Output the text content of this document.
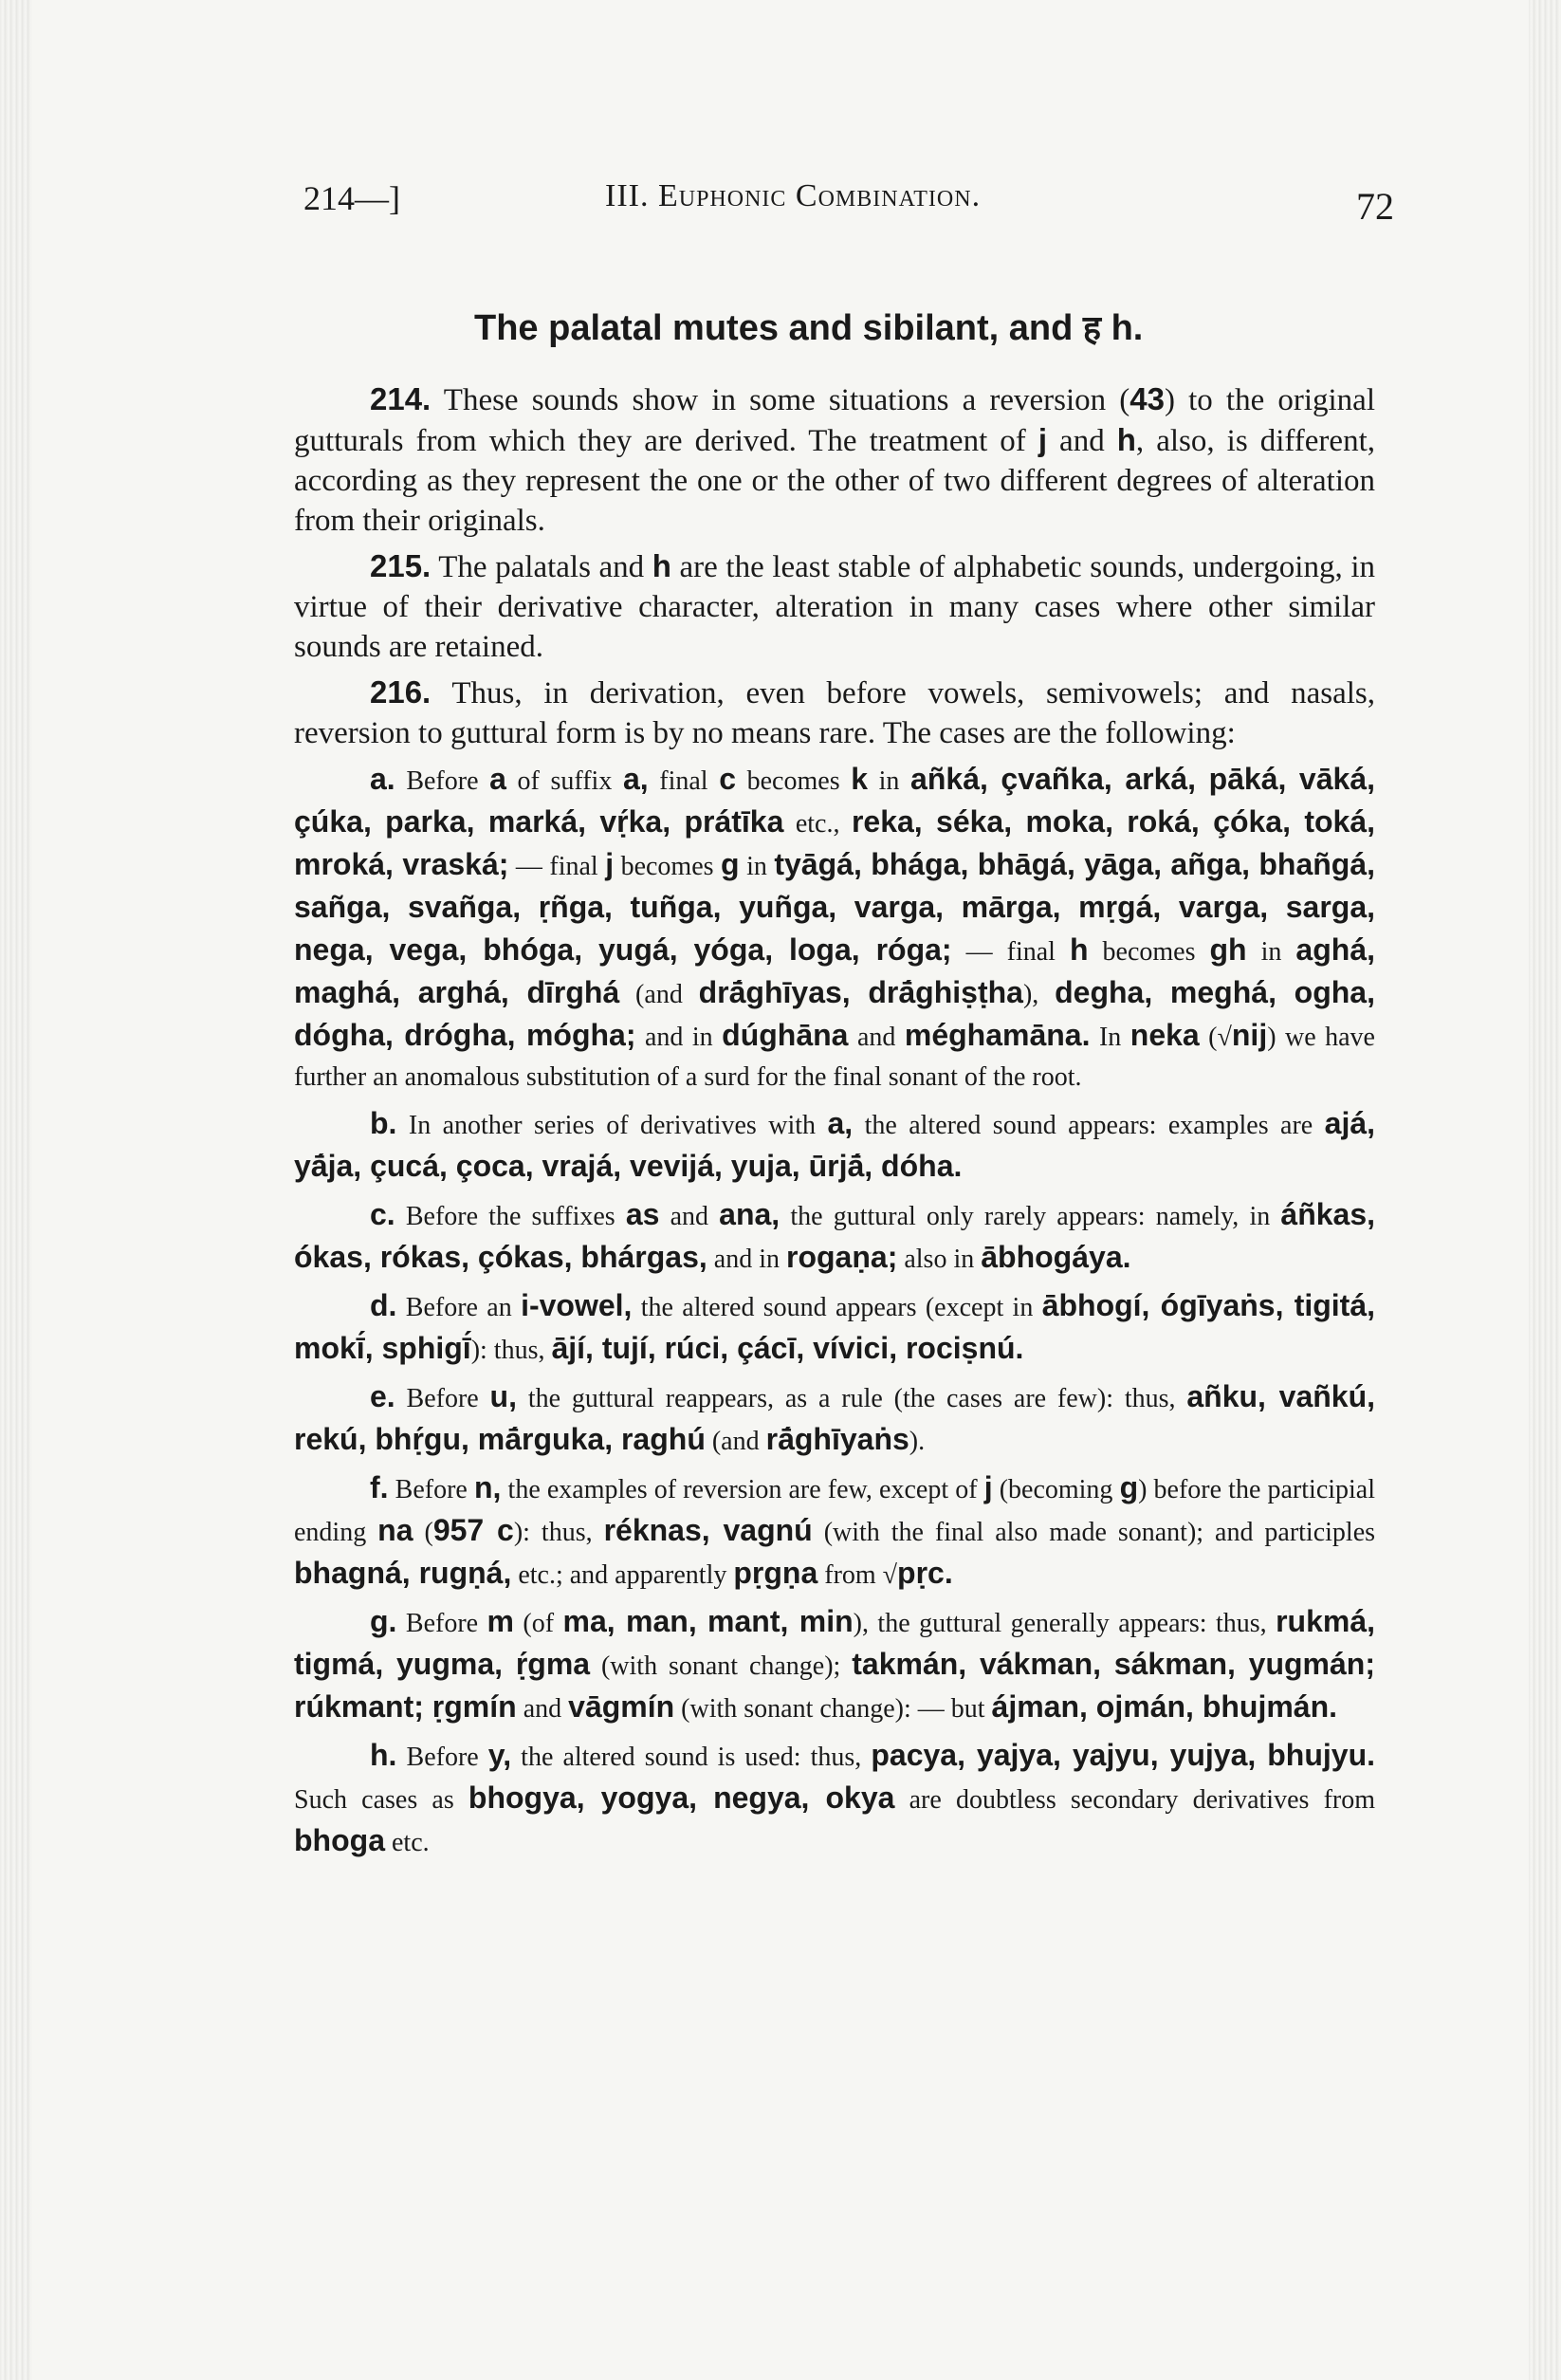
214—]	III. Euphonic Combination.	72
The palatal mutes and sibilant, and ह h.

214. These sounds show in some situations a reversion (43) to the original gutturals from which they are derived. The treatment of j and h, also, is different, according as they represent the one or the other of two different degrees of alteration from their originals.

215. The palatals and h are the least stable of alphabetic sounds, undergoing, in virtue of their derivative character, alteration in many cases where other similar sounds are retained.

216. Thus, in derivation, even before vowels, semivowels; and nasals, reversion to guttural form is by no means rare. The cases are the following:

a. Before a of suffix a, final c becomes k in añká, çvañka, arká, pāká, vāká, çúka, parka, marká, vṛ́ka, prátīka etc., reka, séka, moka, roká, çóka, toká, mroká, vraská; — final j becomes g in tyāgá, bhága, bhāgá, yāga, añga, bhañgá, sañga, svañga, ṛñga, tuñga, yuñga, varga, mārga, mṛgá, varga, sarga, nega, vega, bhóga, yugá, yóga, loga, róga; — final h becomes gh in aghá, maghá, arghá, dīrghá (and drā́ghīyas, drā́ghiṣṭha), degha, meghá, ogha, dógha, drógha, mógha; and in dúghāna and méghamāna. In neka (√nij) we have further an anomalous substitution of a surd for the final sonant of the root.

b. In another series of derivatives with a, the altered sound appears: examples are ajá, yā́ja, çucá, çoca, vrajá, vevijá, yuja, ūrjā́, dóha.

c. Before the suffixes as and ana, the guttural only rarely appears: namely, in áñkas, ókas, rókas, çókas, bhárgas, and in rogaṇa; also in ābhogáya.

d. Before an i-vowel, the altered sound appears (except in ābhogí, ógīyaṅs, tigitá, mokī́, sphigī́): thus, ājí, tují, rúci, çácī, vívici, rociṣnú.

e. Before u, the guttural reappears, as a rule (the cases are few): thus, añku, vañkú, rekú, bhṛ́gu, mā́rguka, raghú (and rā́ghīyaṅs).

f. Before n, the examples of reversion are few, except of j (becoming g) before the participial ending na (957 c): thus, réknas, vagnú (with the final also made sonant); and participles bhagná, rugṇá, etc.; and apparently pṛgṇa from √pṛc.

g. Before m (of ma, man, mant, min), the guttural generally appears: thus, rukmá, tigmá, yugma, ṛ́gma (with sonant change); takmán, vákman, sákman, yugmán; rúkmant; ṛgmín and vāgmín (with sonant change): — but ájman, ojmán, bhujmán.

h. Before y, the altered sound is used: thus, pacya, yajya, yajyu, yujya, bhujyu. Such cases as bhogya, yogya, negya, okya are doubtless secondary derivatives from bhoga etc.
